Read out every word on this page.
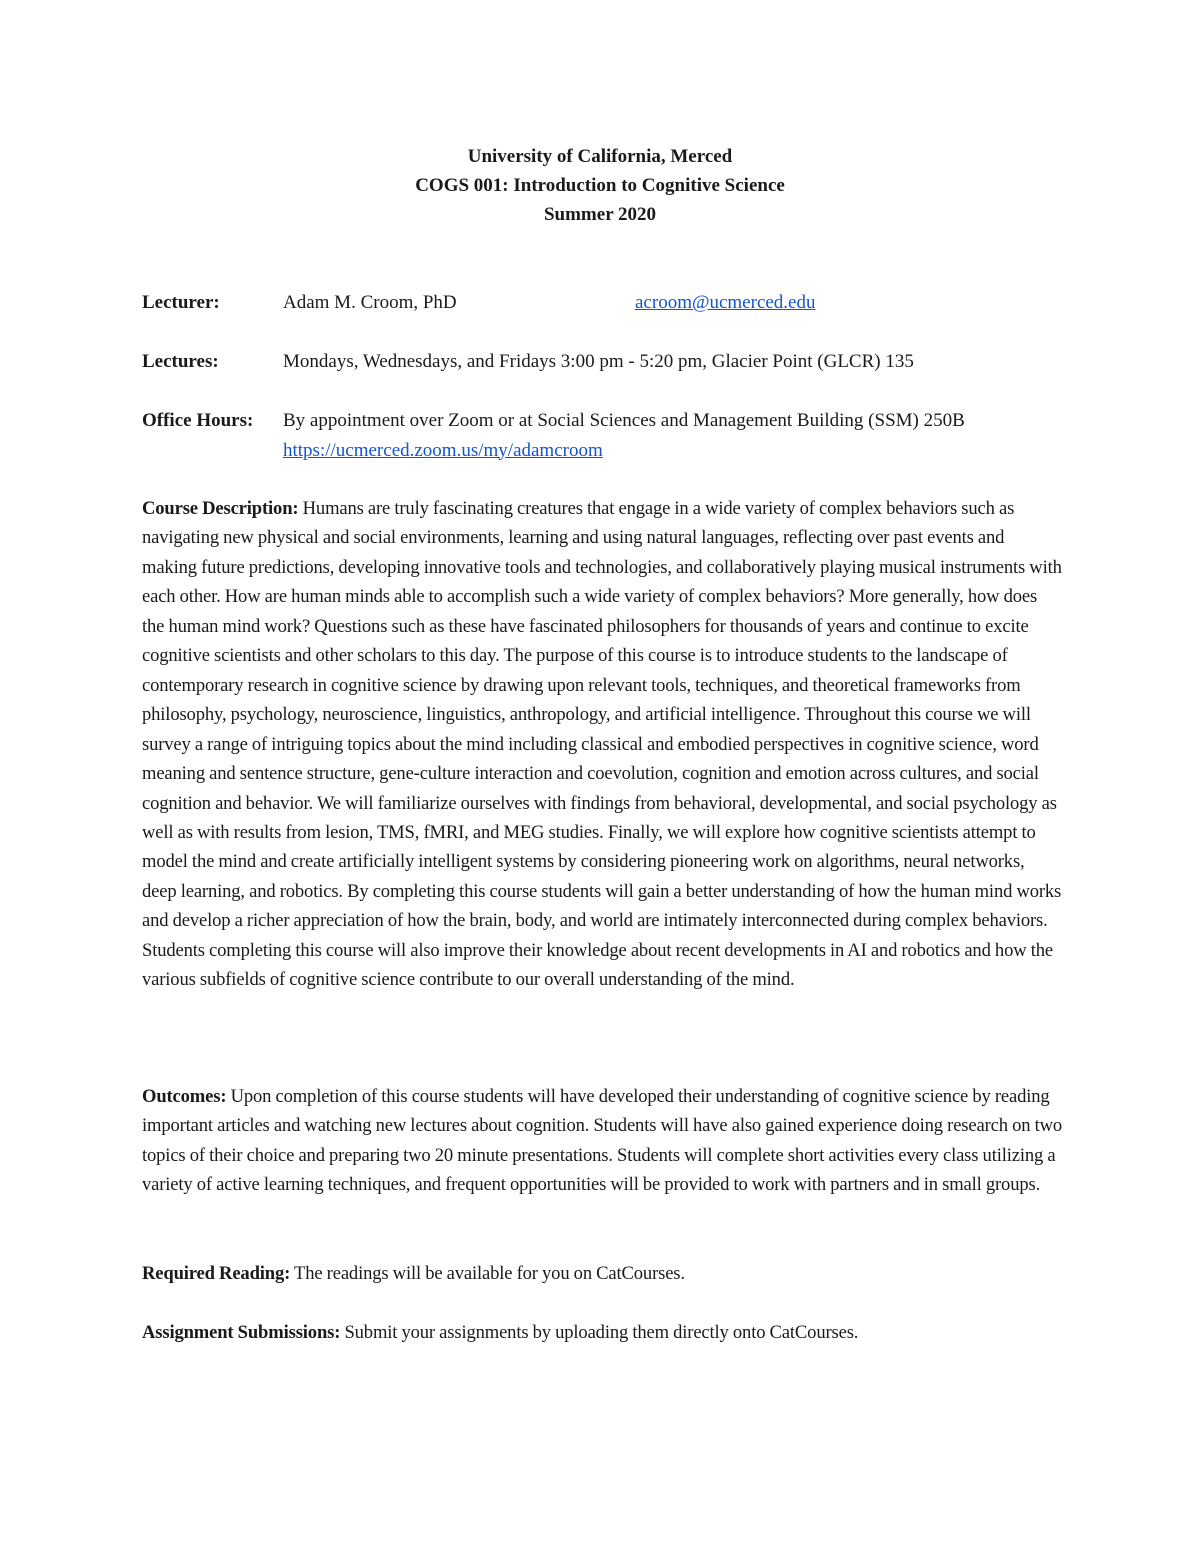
University of California, Merced
COGS 001: Introduction to Cognitive Science
Summer 2020
Lecturer:	Adam M. Croom, PhD	acroom@ucmerced.edu
Lectures:	Mondays, Wednesdays, and Fridays 3:00 pm - 5:20 pm, Glacier Point (GLCR) 135
Office Hours: By appointment over Zoom or at Social Sciences and Management Building (SSM) 250B
https://ucmerced.zoom.us/my/adamcroom
Course Description: Humans are truly fascinating creatures that engage in a wide variety of complex behaviors such as navigating new physical and social environments, learning and using natural languages, reflecting over past events and making future predictions, developing innovative tools and technologies, and collaboratively playing musical instruments with each other. How are human minds able to accomplish such a wide variety of complex behaviors? More generally, how does the human mind work? Questions such as these have fascinated philosophers for thousands of years and continue to excite cognitive scientists and other scholars to this day. The purpose of this course is to introduce students to the landscape of contemporary research in cognitive science by drawing upon relevant tools, techniques, and theoretical frameworks from philosophy, psychology, neuroscience, linguistics, anthropology, and artificial intelligence. Throughout this course we will survey a range of intriguing topics about the mind including classical and embodied perspectives in cognitive science, word meaning and sentence structure, gene-culture interaction and coevolution, cognition and emotion across cultures, and social cognition and behavior. We will familiarize ourselves with findings from behavioral, developmental, and social psychology as well as with results from lesion, TMS, fMRI, and MEG studies. Finally, we will explore how cognitive scientists attempt to model the mind and create artificially intelligent systems by considering pioneering work on algorithms, neural networks, deep learning, and robotics. By completing this course students will gain a better understanding of how the human mind works and develop a richer appreciation of how the brain, body, and world are intimately interconnected during complex behaviors. Students completing this course will also improve their knowledge about recent developments in AI and robotics and how the various subfields of cognitive science contribute to our overall understanding of the mind.
Outcomes: Upon completion of this course students will have developed their understanding of cognitive science by reading important articles and watching new lectures about cognition. Students will have also gained experience doing research on two topics of their choice and preparing two 20 minute presentations. Students will complete short activities every class utilizing a variety of active learning techniques, and frequent opportunities will be provided to work with partners and in small groups.
Required Reading: The readings will be available for you on CatCourses.
Assignment Submissions: Submit your assignments by uploading them directly onto CatCourses.
